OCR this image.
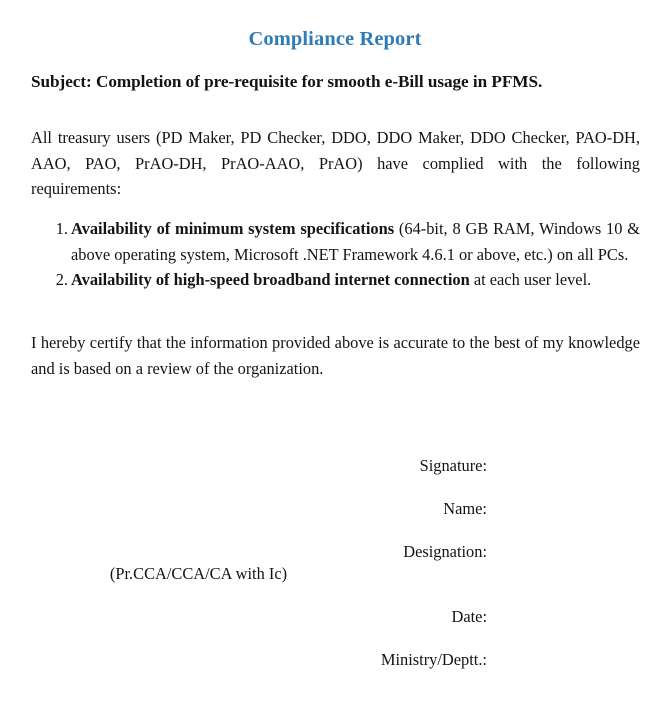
Compliance Report
Subject: Completion of pre-requisite for smooth e-Bill usage in PFMS.
All treasury users (PD Maker, PD Checker, DDO, DDO Maker, DDO Checker, PAO-DH, AAO, PAO, PrAO-DH, PrAO-AAO, PrAO) have complied with the following requirements:
1. Availability of minimum system specifications (64-bit, 8 GB RAM, Windows 10 & above operating system, Microsoft .NET Framework 4.6.1 or above, etc.) on all PCs.
2. Availability of high-speed broadband internet connection at each user level.
I hereby certify that the information provided above is accurate to the best of my knowledge and is based on a review of the organization.
Signature:
Name:
Designation:
(Pr.CCA/CCA/CA with Ic)
Date:
Ministry/Deptt.:
